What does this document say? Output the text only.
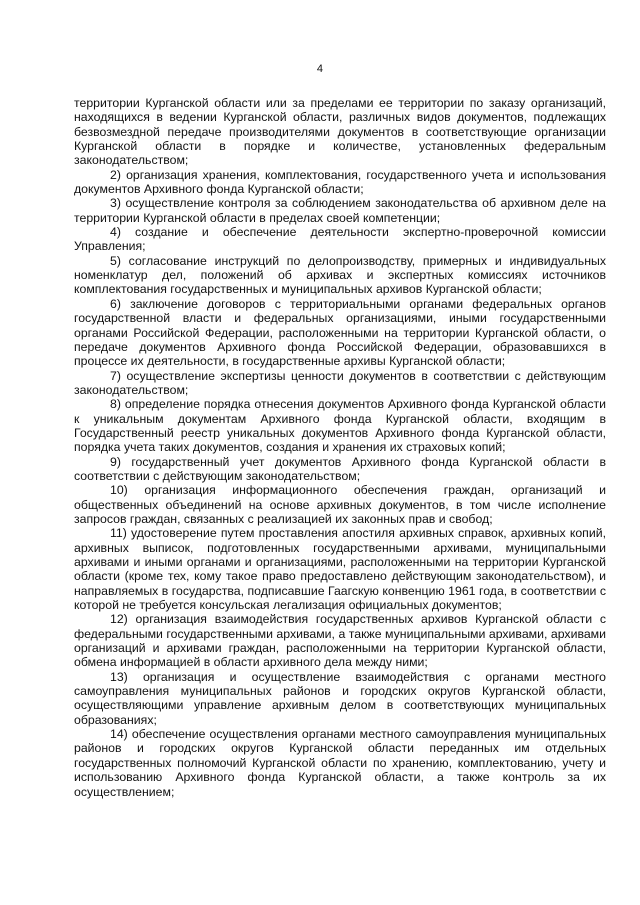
4

территории Курганской области или за пределами ее территории по заказу организаций, находящихся в ведении Курганской области, различных видов документов, подлежащих безвозмездной передаче производителями документов в соответствующие организации Курганской области в порядке и количестве, установленных федеральным законодательством;

2) организация хранения, комплектования, государственного учета и использования документов Архивного фонда Курганской области;

3) осуществление контроля за соблюдением законодательства об архивном деле на территории Курганской области в пределах своей компетенции;

4) создание и обеспечение деятельности экспертно-проверочной комиссии Управления;

5) согласование инструкций по делопроизводству, примерных и индивидуальных номенклатур дел, положений об архивах и экспертных комиссиях источников комплектования государственных и муниципальных архивов Курганской области;

6) заключение договоров с территориальными органами федеральных органов государственной власти и федеральных организациями, иными государственными органами Российской Федерации, расположенными на территории Курганской области, о передаче документов Архивного фонда Российской Федерации, образовавшихся в процессе их деятельности, в государственные архивы Курганской области;

7) осуществление экспертизы ценности документов в соответствии с действующим законодательством;

8) определение порядка отнесения документов Архивного фонда Курганской области к уникальным документам Архивного фонда Курганской области, входящим в Государственный реестр уникальных документов Архивного фонда Курганской области, порядка учета таких документов, создания и хранения их страховых копий;

9) государственный учет документов Архивного фонда Курганской области в соответствии с действующим законодательством;

10) организация информационного обеспечения граждан, организаций и общественных объединений на основе архивных документов, в том числе исполнение запросов граждан, связанных с реализацией их законных прав и свобод;

11) удостоверение путем проставления апостиля архивных справок, архивных копий, архивных выписок, подготовленных государственными архивами, муниципальными архивами и иными органами и организациями, расположенными на территории Курганской области (кроме тех, кому такое право предоставлено действующим законодательством), и направляемых в государства, подписавшие Гаагскую конвенцию 1961 года, в соответствии с которой не требуется консульская легализация официальных документов;

12) организация взаимодействия государственных архивов Курганской области с федеральными государственными архивами, а также муниципальными архивами, архивами организаций и архивами граждан, расположенными на территории Курганской области, обмена информацией в области архивного дела между ними;

13) организация и осуществление взаимодействия с органами местного самоуправления муниципальных районов и городских округов Курганской области, осуществляющими управление архивным делом в соответствующих муниципальных образованиях;

14) обеспечение осуществления органами местного самоуправления муниципальных районов и городских округов Курганской области переданных им отдельных государственных полномочий Курганской области по хранению, комплектованию, учету и использованию Архивного фонда Курганской области, а также контроль за их осуществлением;
